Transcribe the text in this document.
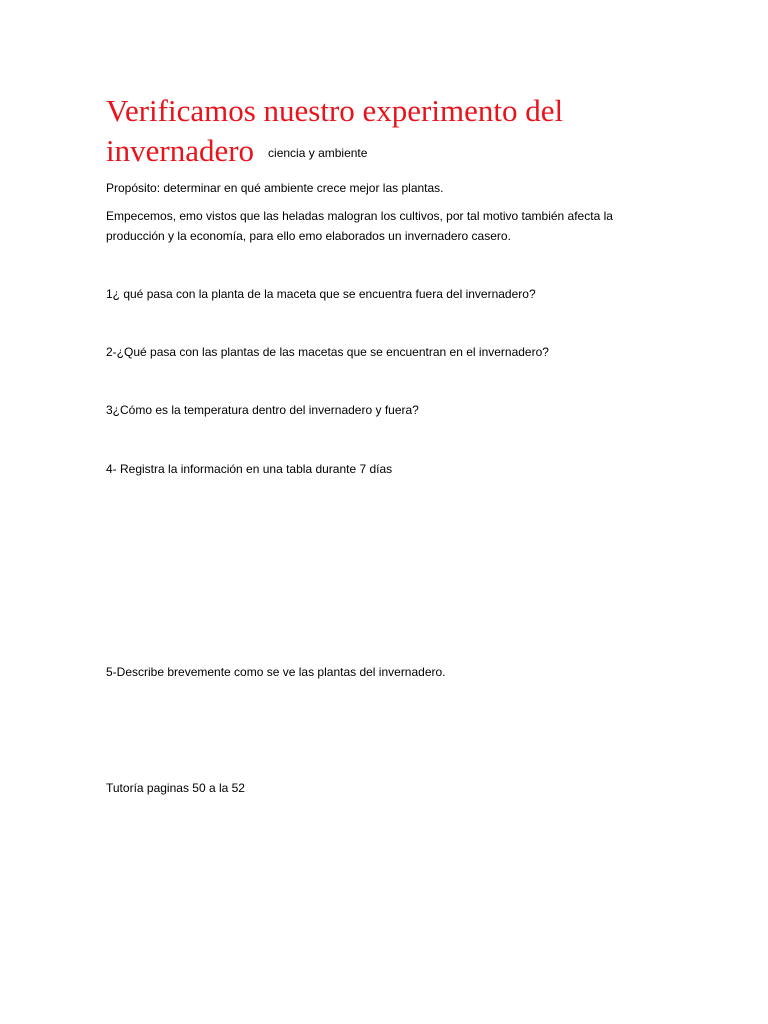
Verificamos nuestro experimento del invernadero ciencia y ambiente

Propósito: determinar en qué ambiente crece mejor las plantas.

Empecemos, emo vistos que las heladas malogran los cultivos, por tal motivo también afecta la producción y la economía, para ello emo elaborados un invernadero casero.

1¿ qué pasa con la planta de la maceta que se encuentra fuera del invernadero?

2-¿Qué pasa con las plantas de las macetas que se encuentran en el invernadero?

3¿Cómo es la temperatura dentro del invernadero y fuera?

4- Registra la información en una tabla durante 7 días

5-Describe brevemente como se ve las plantas del invernadero.

Tutoría paginas 50 a la 52
